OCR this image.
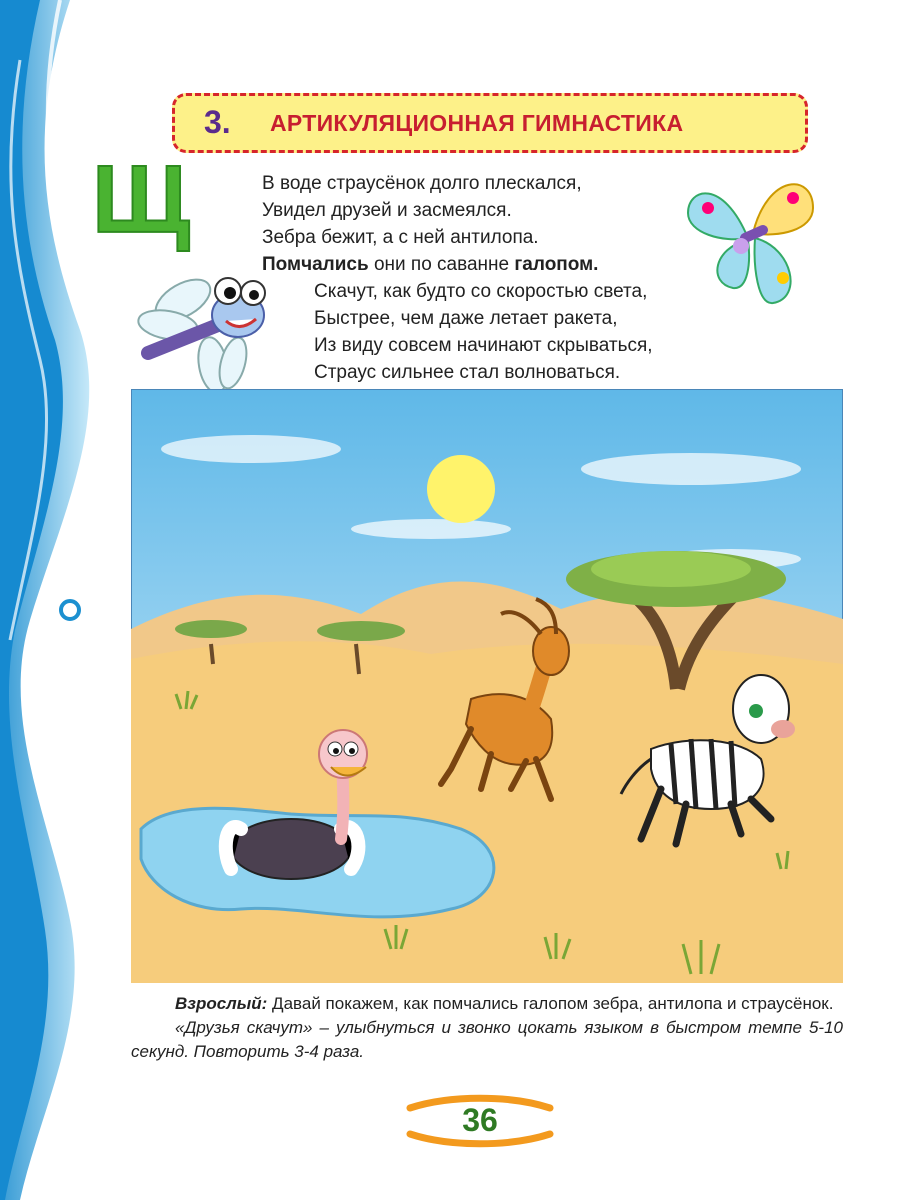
3. АРТИКУЛЯЦИОННАЯ ГИМНАСТИКА
Щ	В воде страусёнок долго плескался,
Увидел друзей и засмеялся.
Зебра бежит, а с ней антилопа.
Помчались они по саванне галопом.
Скачут, как будто со скоростью света,
Быстрее, чем даже летает ракета,
Из виду совсем начинают скрываться,
Страус сильнее стал волноваться.
Взрослый: Давай покажем, как помчались галопом зебра, антилопа и страусёнок.
«Друзья скачут» – улыбнуться и звонко цокать языком в быстром темпе 5-10 секунд. Повторить 3-4 раза.
36
